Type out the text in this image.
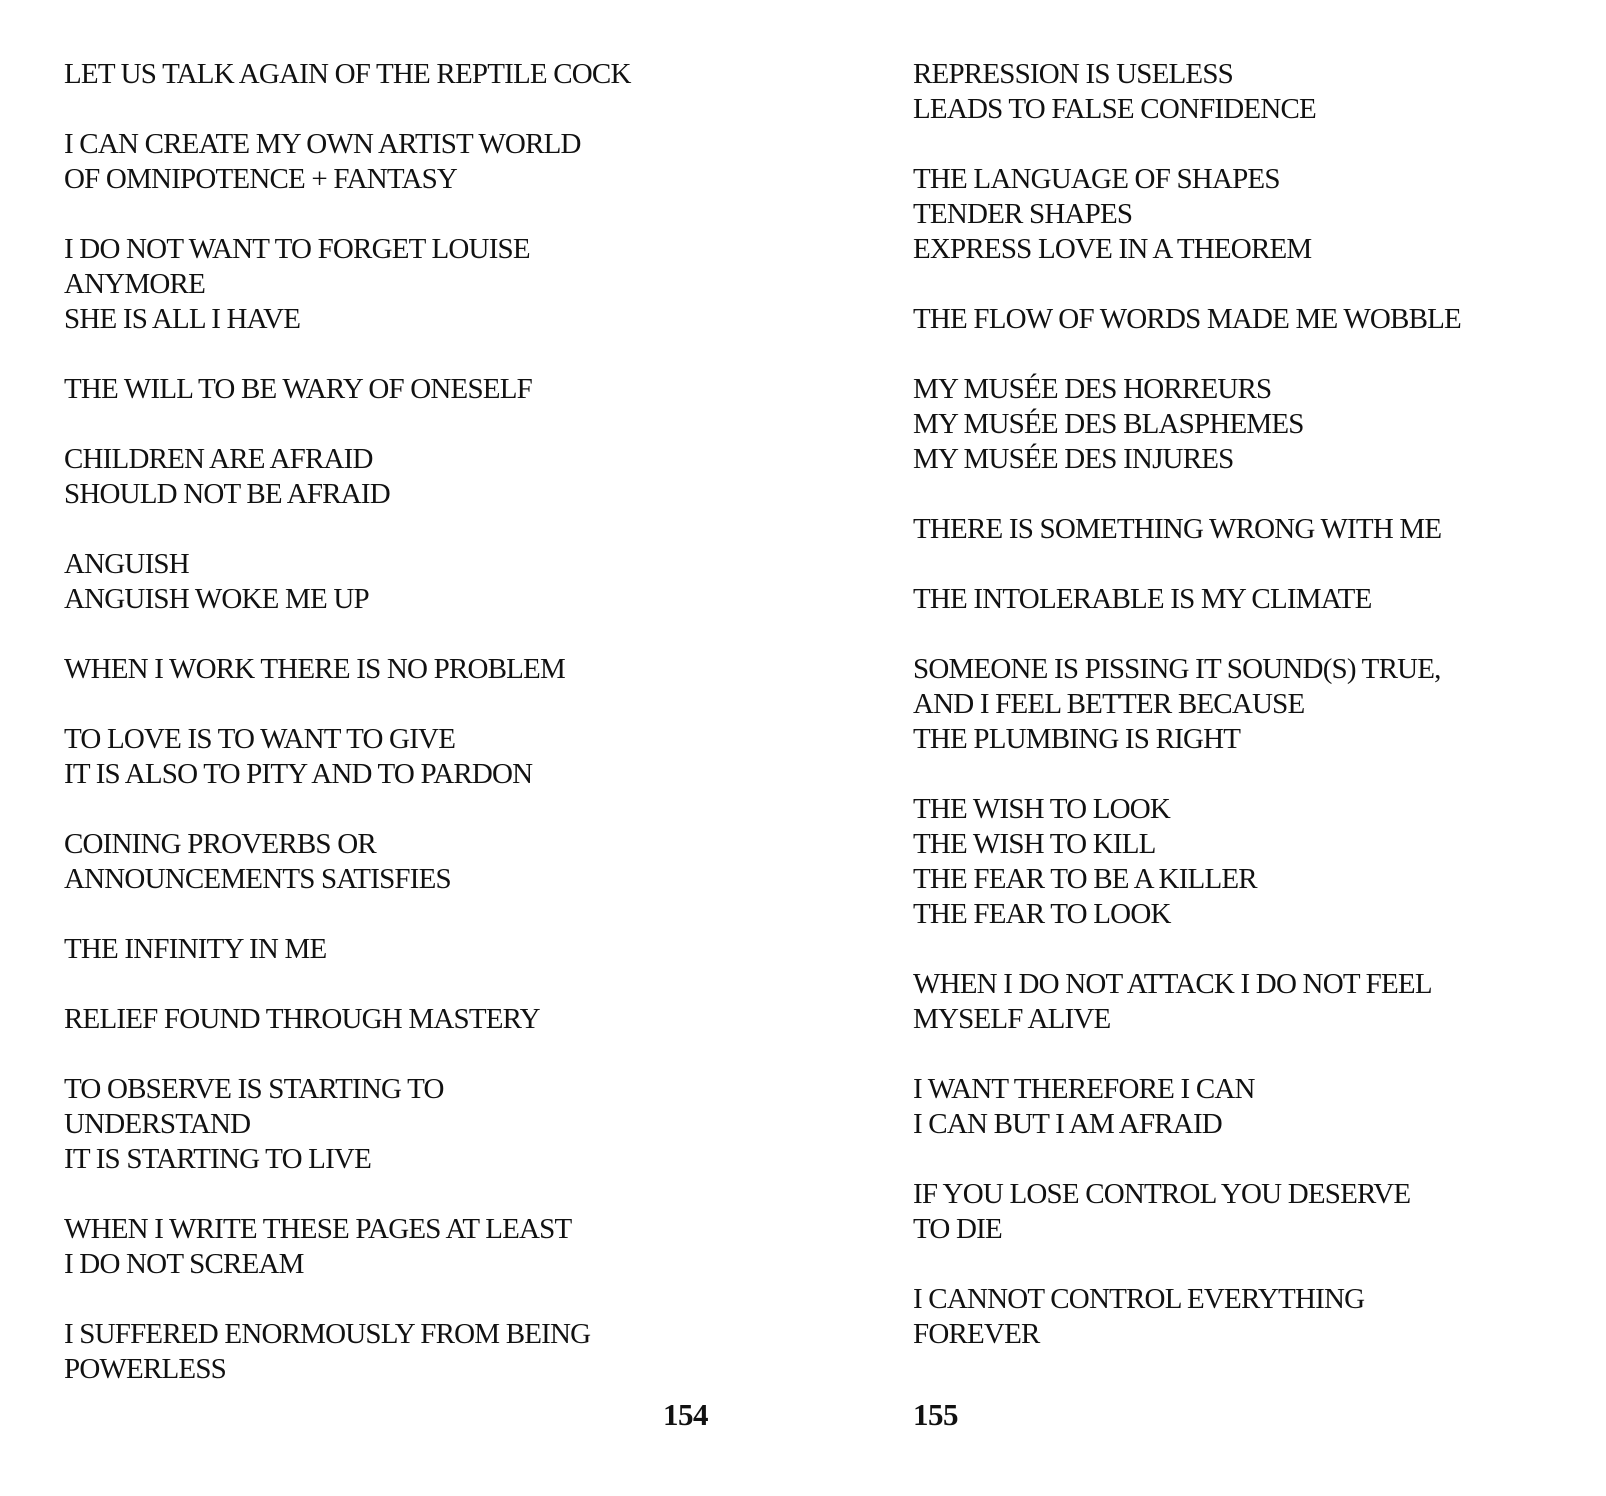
LET US TALK AGAIN OF THE REPTILE COCK
I CAN CREATE MY OWN ARTIST WORLD
OF OMNIPOTENCE + FANTASY
I DO NOT WANT TO FORGET LOUISE
ANYMORE
SHE IS ALL I HAVE
THE WILL TO BE WARY OF ONESELF
CHILDREN ARE AFRAID
SHOULD NOT BE AFRAID
ANGUISH
ANGUISH WOKE ME UP
WHEN I WORK THERE IS NO PROBLEM
TO LOVE IS TO WANT TO GIVE
IT IS ALSO TO PITY AND TO PARDON
COINING PROVERBS OR
ANNOUNCEMENTS SATISFIES
THE INFINITY IN ME
RELIEF FOUND THROUGH MASTERY
TO OBSERVE IS STARTING TO
UNDERSTAND
IT IS STARTING TO LIVE
WHEN I WRITE THESE PAGES AT LEAST
I DO NOT SCREAM
I SUFFERED ENORMOUSLY FROM BEING
POWERLESS
154
REPRESSION IS USELESS
LEADS TO FALSE CONFIDENCE
THE LANGUAGE OF SHAPES
TENDER SHAPES
EXPRESS LOVE IN A THEOREM
THE FLOW OF WORDS MADE ME WOBBLE
MY MUSÉE DES HORREURS
MY MUSÉE DES BLASPHEMES
MY MUSÉE DES INJURES
THERE IS SOMETHING WRONG WITH ME
THE INTOLERABLE IS MY CLIMATE
SOMEONE IS PISSING IT SOUND(S) TRUE,
AND I FEEL BETTER BECAUSE
THE PLUMBING IS RIGHT
THE WISH TO LOOK
THE WISH TO KILL
THE FEAR TO BE A KILLER
THE FEAR TO LOOK
WHEN I DO NOT ATTACK I DO NOT FEEL
MYSELF ALIVE
I WANT THEREFORE I CAN
I CAN BUT I AM AFRAID
IF YOU LOSE CONTROL YOU DESERVE
TO DIE
I CANNOT CONTROL EVERYTHING
FOREVER
155
